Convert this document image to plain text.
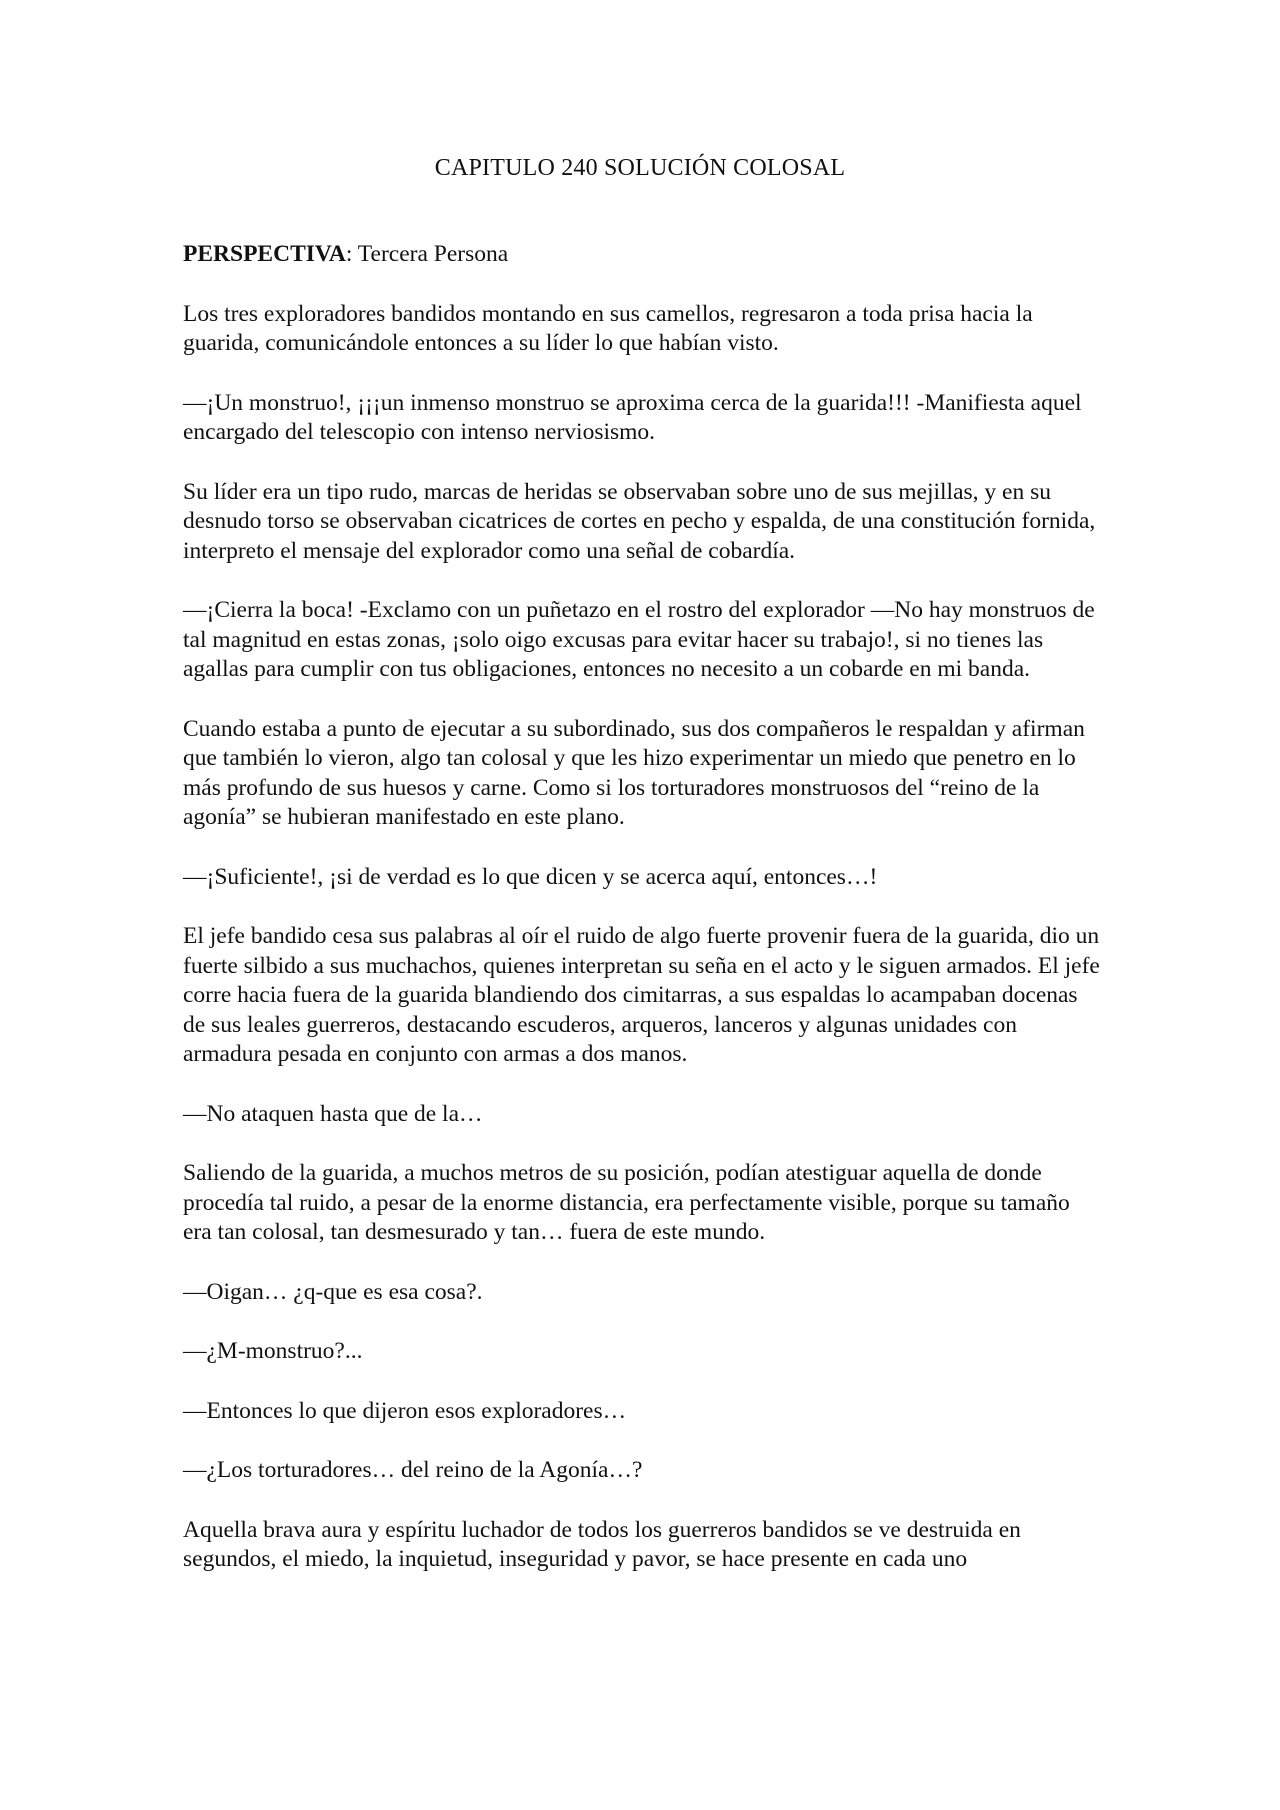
CAPITULO 240 SOLUCIÓN COLOSAL

PERSPECTIVA: Tercera Persona

Los tres exploradores bandidos montando en sus camellos, regresaron a toda prisa hacia la guarida, comunicándole entonces a su líder lo que habían visto.

—¡Un monstruo!, ¡¡¡un inmenso monstruo se aproxima cerca de la guarida!!! -Manifiesta aquel encargado del telescopio con intenso nerviosismo.

Su líder era un tipo rudo, marcas de heridas se observaban sobre uno de sus mejillas, y en su desnudo torso se observaban cicatrices de cortes en pecho y espalda, de una constitución fornida, interpreto el mensaje del explorador como una señal de cobardía.

—¡Cierra la boca! -Exclamo con un puñetazo en el rostro del explorador —No hay monstruos de tal magnitud en estas zonas, ¡solo oigo excusas para evitar hacer su trabajo!, si no tienes las agallas para cumplir con tus obligaciones, entonces no necesito a un cobarde en mi banda.

Cuando estaba a punto de ejecutar a su subordinado, sus dos compañeros le respaldan y afirman que también lo vieron, algo tan colosal y que les hizo experimentar un miedo que penetro en lo más profundo de sus huesos y carne. Como si los torturadores monstruosos del “reino de la agonía” se hubieran manifestado en este plano.

—¡Suficiente!, ¡si de verdad es lo que dicen y se acerca aquí, entonces…!

El jefe bandido cesa sus palabras al oír el ruido de algo fuerte provenir fuera de la guarida, dio un fuerte silbido a sus muchachos, quienes interpretan su seña en el acto y le siguen armados. El jefe corre hacia fuera de la guarida blandiendo dos cimitarras, a sus espaldas lo acampaban docenas de sus leales guerreros, destacando escuderos, arqueros, lanceros y algunas unidades con armadura pesada en conjunto con armas a dos manos.

—No ataquen hasta que de la…

Saliendo de la guarida, a muchos metros de su posición, podían atestiguar aquella de donde procedía tal ruido, a pesar de la enorme distancia, era perfectamente visible, porque su tamaño era tan colosal, tan desmesurado y tan… fuera de este mundo.

—Oigan… ¿q-que es esa cosa?.

—¿M-monstruo?...

—Entonces lo que dijeron esos exploradores…

—¿Los torturadores… del reino de la Agonía…?

Aquella brava aura y espíritu luchador de todos los guerreros bandidos se ve destruida en segundos, el miedo, la inquietud, inseguridad y pavor, se hace presente en cada uno
